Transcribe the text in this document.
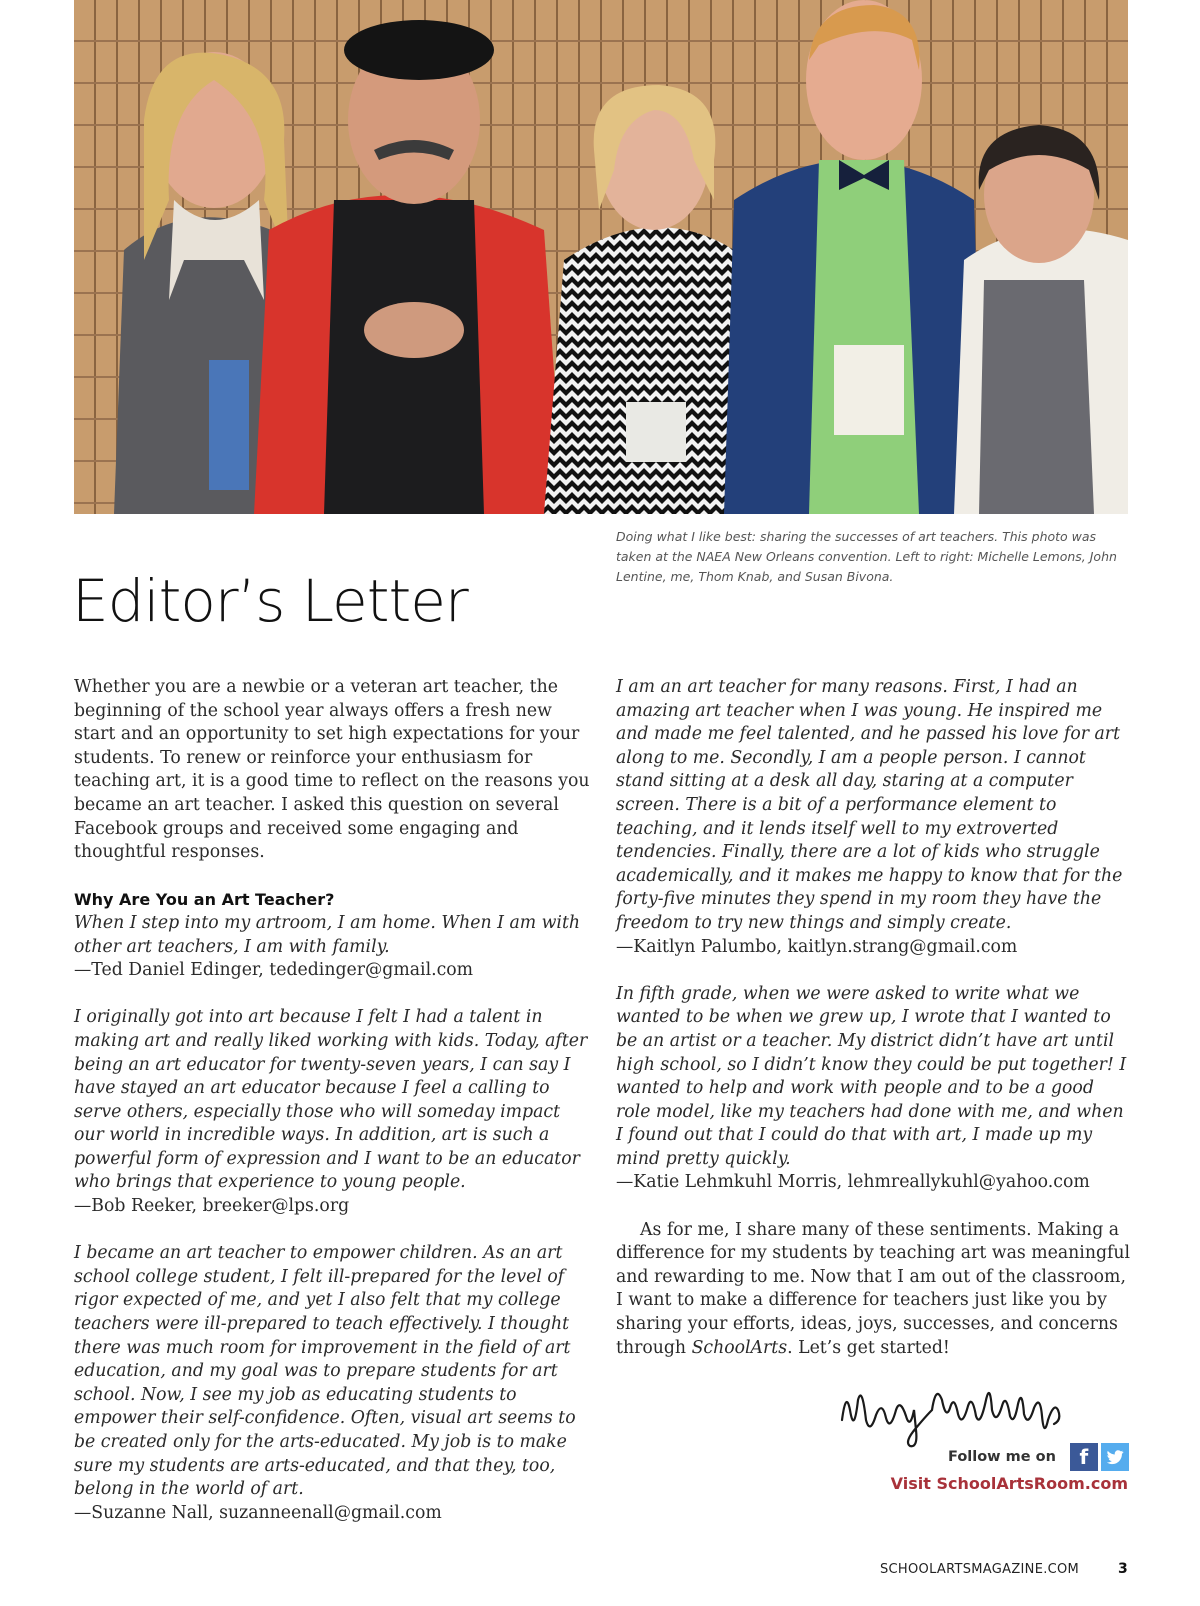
Doing what I like best: sharing the successes of art teachers. This photo was taken at the NAEA New Orleans convention. Left to right: Michelle Lemons, John Lentine, me, Thom Knab, and Susan Bivona.
Editor’s Letter

Whether you are a newbie or a veteran art teacher, the beginning of the school year always offers a fresh new start and an opportunity to set high expectations for your students. To renew or reinforce your enthusiasm for teaching art, it is a good time to reflect on the reasons you became an art teacher. I asked this question on several Facebook groups and received some engaging and thoughtful responses.

Why Are You an Art Teacher?
When I step into my artroom, I am home. When I am with other art teachers, I am with family.
—Ted Daniel Edinger, tededinger@gmail.com

I originally got into art because I felt I had a talent in making art and really liked working with kids. Today, after being an art educator for twenty-seven years, I can say I have stayed an art educator because I feel a calling to serve others, especially those who will someday impact our world in incredible ways. In addition, art is such a powerful form of expression and I want to be an educator who brings that experience to young people.
—Bob Reeker, breeker@lps.org

I became an art teacher to empower children. As an art school college student, I felt ill-prepared for the level of rigor expected of me, and yet I also felt that my college teachers were ill-prepared to teach effectively. I thought there was much room for improvement in the field of art education, and my goal was to prepare students for art school. Now, I see my job as educating students to empower their self-confidence. Often, visual art seems to be created only for the arts-educated. My job is to make sure my students are arts-educated, and that they, too, belong in the world of art.
—Suzanne Nall, suzanneenall@gmail.com

I am an art teacher for many reasons. First, I had an amazing art teacher when I was young. He inspired me and made me feel talented, and he passed his love for art along to me. Secondly, I am a people person. I cannot stand sitting at a desk all day, staring at a computer screen. There is a bit of a performance element to teaching, and it lends itself well to my extroverted tendencies. Finally, there are a lot of kids who struggle academically, and it makes me happy to know that for the forty-five minutes they spend in my room they have the freedom to try new things and simply create.
—Kaitlyn Palumbo, kaitlyn.strang@gmail.com

In fifth grade, when we were asked to write what we wanted to be when we grew up, I wrote that I wanted to be an artist or a teacher. My district didn’t have art until high school, so I didn’t know they could be put together! I wanted to help and work with people and to be a good role model, like my teachers had done with me, and when I found out that I could do that with art, I made up my mind pretty quickly.
—Katie Lehmkuhl Morris, lehmreallykuhl@yahoo.com

As for me, I share many of these sentiments. Making a difference for my students by teaching art was meaningful and rewarding to me. Now that I am out of the classroom, I want to make a difference for teachers just like you by sharing your efforts, ideas, joys, successes, and concerns through SchoolArts. Let’s get started!

Follow me on	f
Visit SchoolArtsRoom.com
SCHOOLARTSMAGAZINE.COM	3
